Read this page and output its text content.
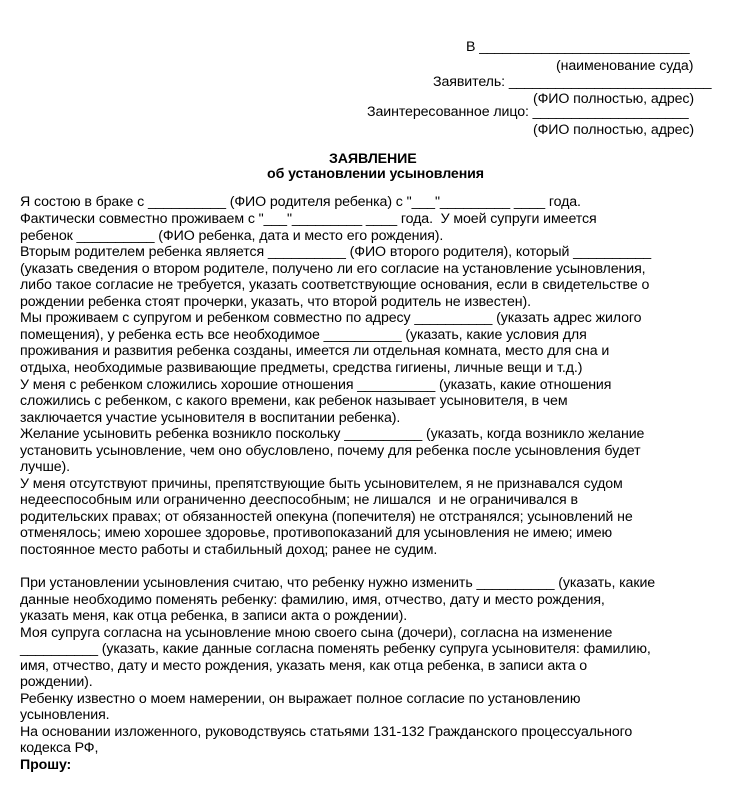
В ___________________________
(наименование суда)
Заявитель: __________________________
(ФИО полностью, адрес)
Заинтересованное лицо: ____________________
(ФИО полностью, адрес)
ЗАЯВЛЕНИЕ
об установлении усыновления
Я состою в браке с __________ (ФИО родителя ребенка) с "___"_________ ____ года.
Фактически совместно проживаем с "___"_________ ____ года.  У моей супруги имеется
ребенок __________ (ФИО ребенка, дата и место его рождения).
Вторым родителем ребенка является __________ (ФИО второго родителя), который __________
(указать сведения о втором родителе, получено ли его согласие на установление усыновления,
либо такое согласие не требуется, указать соответствующие основания, если в свидетельстве о
рождении ребенка стоят прочерки, указать, что второй родитель не известен).
Мы проживаем с супругом и ребенком совместно по адресу __________ (указать адрес жилого
помещения), у ребенка есть все необходимое __________ (указать, какие условия для
проживания и развития ребенка созданы, имеется ли отдельная комната, место для сна и
отдыха, необходимые развивающие предметы, средства гигиены, личные вещи и т.д.)
У меня с ребенком сложились хорошие отношения __________ (указать, какие отношения
сложились с ребенком, с какого времени, как ребенок называет усыновителя, в чем
заключается участие усыновителя в воспитании ребенка).
Желание усыновить ребенка возникло поскольку __________ (указать, когда возникло желание
установить усыновление, чем оно обусловлено, почему для ребенка после усыновления будет
лучше).
У меня отсутствуют причины, препятствующие быть усыновителем, я не признавался судом
недееспособным или ограниченно дееспособным; не лишался  и не ограничивался в
родительских правах; от обязанностей опекуна (попечителя) не отстранялся; усыновлений не
отменялось; имею хорошее здоровье, противопоказаний для усыновления не имею; имею
постоянное место работы и стабильный доход; ранее не судим.
При установлении усыновления считаю, что ребенку нужно изменить __________ (указать, какие
данные необходимо поменять ребенку: фамилию, имя, отчество, дату и место рождения,
указать меня, как отца ребенка, в записи акта о рождении).
Моя супруга согласна на усыновление мною своего сына (дочери), согласна на изменение
__________ (указать, какие данные согласна поменять ребенку супруга усыновителя: фамилию,
имя, отчество, дату и место рождения, указать меня, как отца ребенка, в записи акта о
рождении).
Ребенку известно о моем намерении, он выражает полное согласие по установлению
усыновления.
На основании изложенного, руководствуясь статьями 131-132 Гражданского процессуального
кодекса РФ,
Прошу:
